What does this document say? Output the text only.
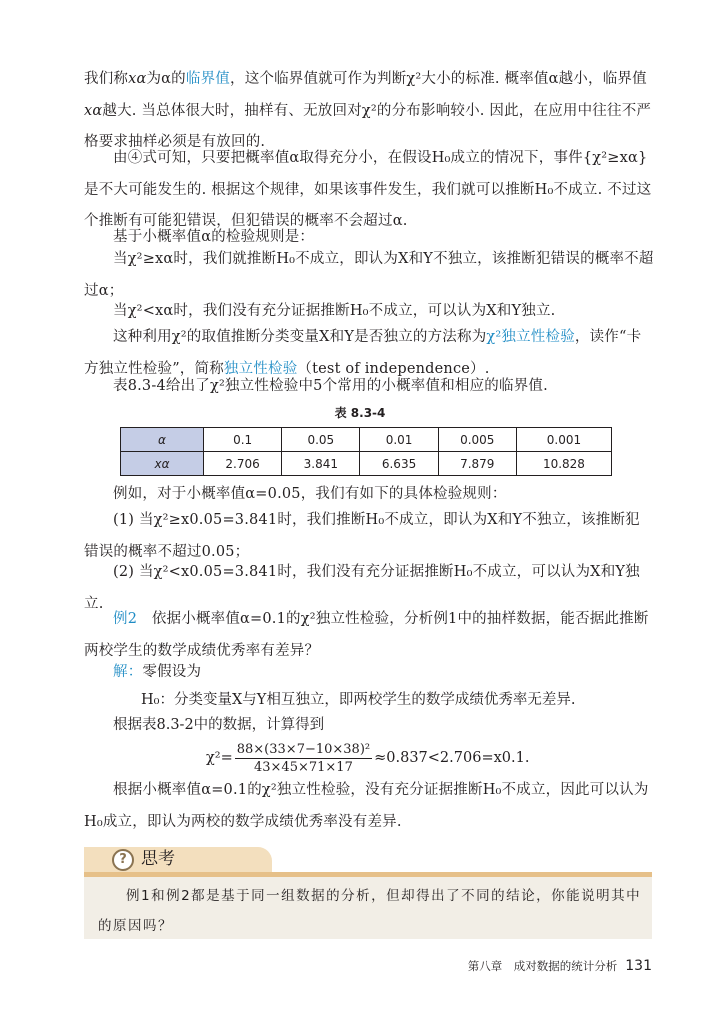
我们称xα为α的临界值，这个临界值就可作为判断χ²大小的标准. 概率值α越小，临界值xα越大. 当总体很大时，抽样有、无放回对χ²的分布影响较小. 因此，在应用中往往不严格要求抽样必须是有放回的.

由④式可知，只要把概率值α取得充分小，在假设H₀成立的情况下，事件{χ²≥xα}是不大可能发生的. 根据这个规律，如果该事件发生，我们就可以推断H₀不成立. 不过这个推断有可能犯错误，但犯错误的概率不会超过α.

基于小概率值α的检验规则是：

当χ²≥xα时，我们就推断H₀不成立，即认为X和Y不独立，该推断犯错误的概率不超过α；

当χ²<xα时，我们没有充分证据推断H₀不成立，可以认为X和Y独立.

这种利用χ²的取值推断分类变量X和Y是否独立的方法称为χ²独立性检验，读作“卡方独立性检验”，简称独立性检验（test of independence）.

表8.3-4给出了χ²独立性检验中5个常用的小概率值和相应的临界值.

表 8.3-4
α	0.1	0.05	0.01	0.005	0.001
xα	2.706	3.841	6.635	7.879	10.828

例如，对于小概率值α=0.05，我们有如下的具体检验规则：

(1) 当χ²≥x0.05=3.841时，我们推断H₀不成立，即认为X和Y不独立，该推断犯错误的概率不超过0.05；

(2) 当χ²<x0.05=3.841时，我们没有充分证据推断H₀不成立，可以认为X和Y独立.

例2　 依据小概率值α=0.1的χ²独立性检验，分析例1中的抽样数据，能否据此推断两校学生的数学成绩优秀率有差异？

解：零假设为

H₀：分类变量X与Y相互独立，即两校学生的数学成绩优秀率无差异.
根据表8.3-2中的数据，计算得到
$\chi^2= \frac{\text{88×(33×7−10×38)²}}{43\times 45\times 71\times 17} \approx 0.837<2.706=x0.1$.

根据小概率值α=0.1的χ²独立性检验，没有充分证据推断H₀不成立，因此可以认为H₀成立，即认为两校的数学成绩优秀率没有差异.

? 思考
例1和例2都是基于同一组数据的分析，但却得出了不同的结论，你能说明其中的原因吗？
第八章　成对数据的统计分析 131
